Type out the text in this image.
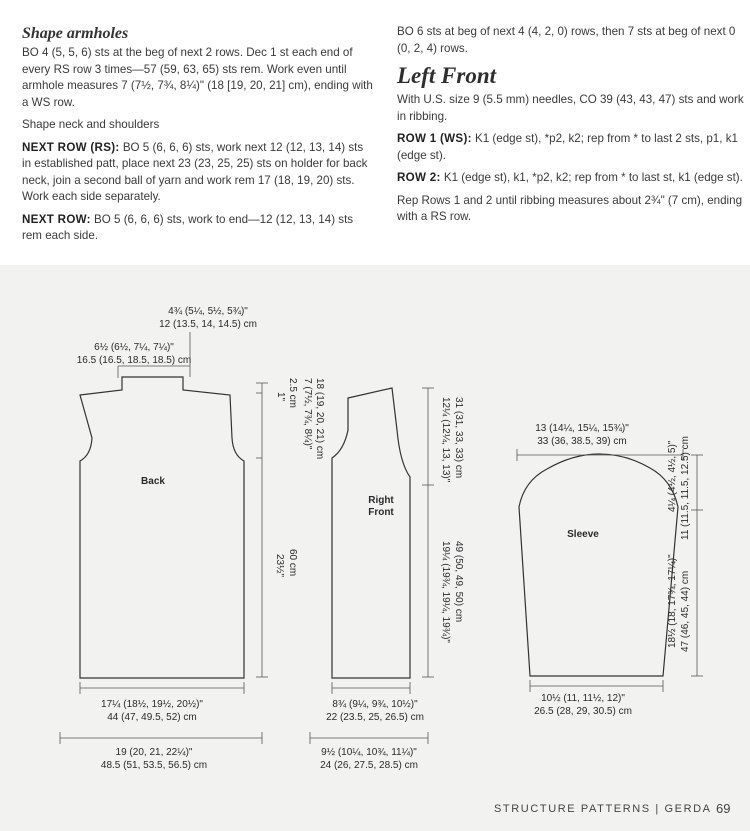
Shape armholes

BO 4 (5, 5, 6) sts at the beg of next 2 rows. Dec 1 st each end of every RS row 3 times—57 (59, 63, 65) sts rem. Work even until armhole measures 7 (7½, 7¾, 8¼)" (18 [19, 20, 21] cm), ending with a WS row.

Shape neck and shoulders

NEXT ROW (RS): BO 5 (6, 6, 6) sts, work next 12 (12, 13, 14) sts in established patt, place next 23 (23, 25, 25) sts on holder for back neck, join a second ball of yarn and work rem 17 (18, 19, 20) sts. Work each side separately.

NEXT ROW: BO 5 (6, 6, 6) sts, work to end—12 (12, 13, 14) sts rem each side.

BO 6 sts at beg of next 4 (4, 2, 0) rows, then 7 sts at beg of next 0 (0, 2, 4) rows.

Left Front

With U.S. size 9 (5.5 mm) needles, CO 39 (43, 43, 47) sts and work in ribbing.

ROW 1 (WS): K1 (edge st), *p2, k2; rep from * to last 2 sts, p1, k1 (edge st).

ROW 2: K1 (edge st), k1, *p2, k2; rep from * to last st, k1 (edge st).

Rep Rows 1 and 2 until ribbing measures about 2¾" (7 cm), ending with a RS row.

Back
Right
Front
Sleeve
4¾ (5¼, 5½, 5¾)"
12 (13.5, 14, 14.5) cm
6½ (6½, 7¼, 7¼)"
16.5 (16.5, 18.5, 18.5) cm
1" 2.5 cm 7 (7½, 7¾, 8¼)" 18 (19, 20, 21) cm
23½" 60 cm
17¼ (18½, 19½, 20½)"
44 (47, 49.5, 52) cm
19 (20, 21, 22¼)"
48.5 (51, 53.5, 56.5) cm
12¼ (12¼, 13, 13)" 31 (31, 33, 33) cm
19¼ (19¾, 19¼, 19¾)" 49 (50, 49, 50) cm
8¾ (9¼, 9¾, 10½)"
22 (23.5, 25, 26.5) cm
9½ (10¼, 10¾, 11¼)"
24 (26, 27.5, 28.5) cm
13 (14¼, 15¼, 15¾)"
33 (36, 38.5, 39) cm	4¼ (4½, 4½, 5)" 11 (11.5, 11.5, 12.5) cm
18½ (18, 17¾, 17¼)" 47 (46, 45, 44) cm
10½ (11, 11½, 12)"
26.5 (28, 29, 30.5) cm
STRUCTURE PATTERNS | GERDA 69
